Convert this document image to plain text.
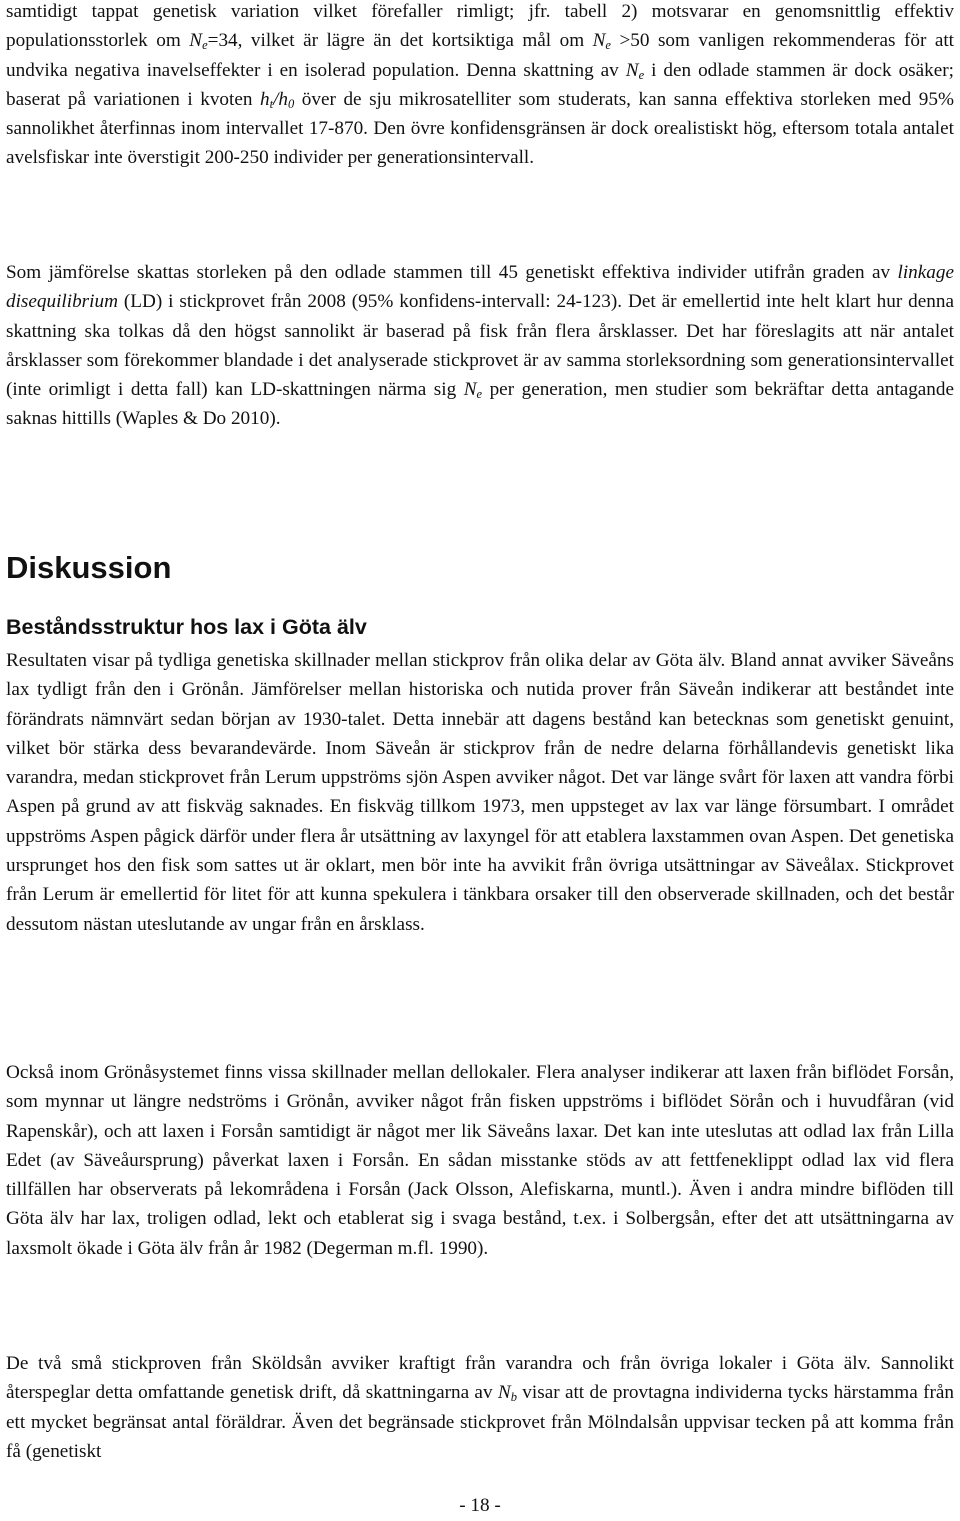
samtidigt tappat genetisk variation vilket förefaller rimligt; jfr. tabell 2) motsvarar en genomsnittlig effektiv populationsstorlek om $N_e=34$, vilket är lägre än det kortsiktiga mål om $N_e >50$ som vanligen rekommenderas för att undvika negativa inavelseffekter i en isolerad population. Denna skattning av $N_e$ i den odlade stammen är dock osäker; baserat på variationen i kvoten $h_t/h_0$ över de sju mikrosatelliter som studerats, kan sanna effektiva storleken med 95% sannolikhet återfinnas inom intervallet 17-870. Den övre konfidensgränsen är dock orealistiskt hög, eftersom totala antalet avelsfiskar inte överstigit 200-250 individer per generationsintervall.

Som jämförelse skattas storleken på den odlade stammen till 45 genetiskt effektiva individer utifrån graden av linkage disequilibrium (LD) i stickprovet från 2008 (95% konfidens-intervall: 24-123). Det är emellertid inte helt klart hur denna skattning ska tolkas då den högst sannolikt är baserad på fisk från flera årsklasser. Det har föreslagits att när antalet årsklasser som förekommer blandade i det analyserade stickprovet är av samma storleksordning som generationsintervallet (inte orimligt i detta fall) kan LD-skattningen närma sig $N_e$ per generation, men studier som bekräftar detta antagande saknas hittills (Waples & Do 2010).

Diskussion
Beståndsstruktur hos lax i Göta älv

Resultaten visar på tydliga genetiska skillnader mellan stickprov från olika delar av Göta älv. Bland annat avviker Säveåns lax tydligt från den i Grönån. Jämförelser mellan historiska och nutida prover från Säveån indikerar att beståndet inte förändrats nämnvärt sedan början av 1930-talet. Detta innebär att dagens bestånd kan betecknas som genetiskt genuint, vilket bör stärka dess bevarandevärde. Inom Säveån är stickprov från de nedre delarna förhållandevis genetiskt lika varandra, medan stickprovet från Lerum uppströms sjön Aspen avviker något. Det var länge svårt för laxen att vandra förbi Aspen på grund av att fiskväg saknades. En fiskväg tillkom 1973, men uppsteget av lax var länge försumbart. I området uppströms Aspen pågick därför under flera år utsättning av laxyngel för att etablera laxstammen ovan Aspen. Det genetiska ursprunget hos den fisk som sattes ut är oklart, men bör inte ha avvikit från övriga utsättningar av Säveålax. Stickprovet från Lerum är emellertid för litet för att kunna spekulera i tänkbara orsaker till den observerade skillnaden, och det består dessutom nästan uteslutande av ungar från en årsklass.

Också inom Grönåsystemet finns vissa skillnader mellan dellokaler. Flera analyser indikerar att laxen från biflödet Forsån, som mynnar ut längre nedströms i Grönån, avviker något från fisken uppströms i biflödet Sörån och i huvudfåran (vid Rapenskår), och att laxen i Forsån samtidigt är något mer lik Säveåns laxar. Det kan inte uteslutas att odlad lax från Lilla Edet (av Säveåursprung) påverkat laxen i Forsån. En sådan misstanke stöds av att fettfeneklippt odlad lax vid flera tillfällen har observerats på lekområdena i Forsån (Jack Olsson, Alefiskarna, muntl.). Även i andra mindre biflöden till Göta älv har lax, troligen odlad, lekt och etablerat sig i svaga bestånd, t.ex. i Solbergsån, efter det att utsättningarna av laxsmolt ökade i Göta älv från år 1982 (Degerman m.fl. 1990).

De två små stickproven från Sköldsån avviker kraftigt från varandra och från övriga lokaler i Göta älv. Sannolikt återspeglar detta omfattande genetisk drift, då skattningarna av $N_b$ visar att de provtagna individerna tycks härstamma från ett mycket begränsat antal föräldrar. Även det begränsade stickprovet från Mölndalsån uppvisar tecken på att komma från få (genetiskt

- 18 -
